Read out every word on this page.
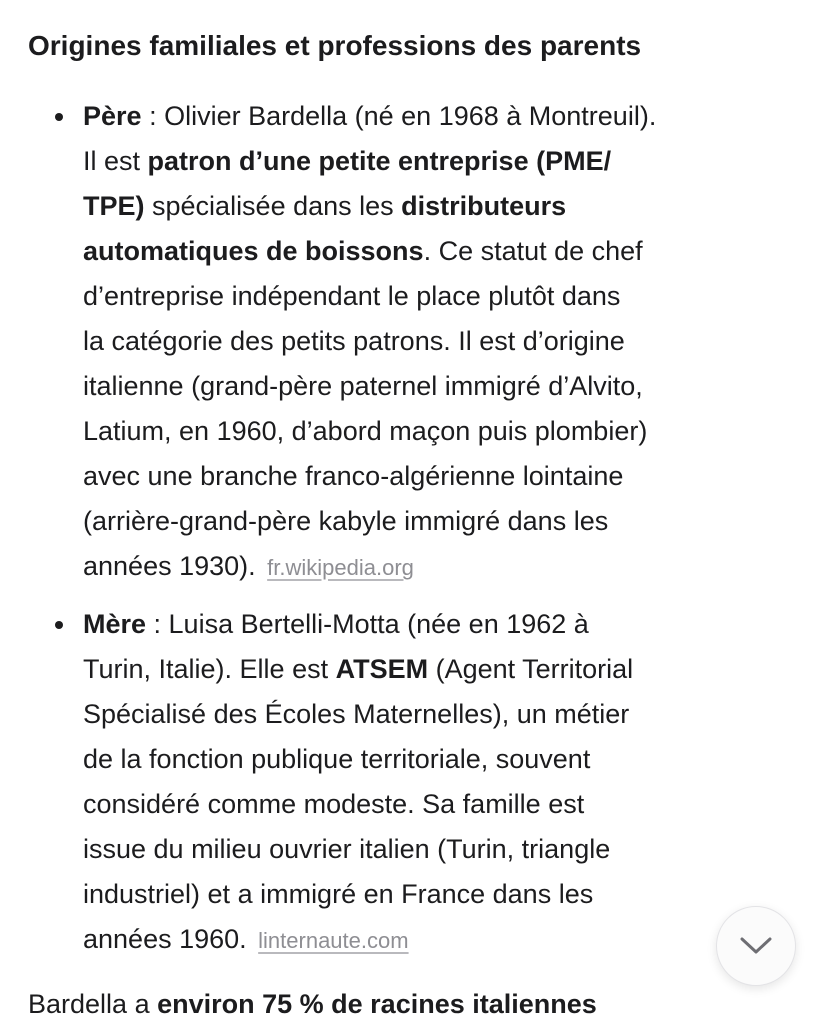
Origines familiales et professions des parents
Père : Olivier Bardella (né en 1968 à Montreuil).
Il est patron d’une petite entreprise (PME/
TPE) spécialisée dans les distributeurs
automatiques de boissons. Ce statut de chef
d’entreprise indépendant le place plutôt dans
la catégorie des petits patrons. Il est d’origine
italienne (grand-père paternel immigré d’Alvito,
Latium, en 1960, d’abord maçon puis plombier)
avec une branche franco-algérienne lointaine
(arrière-grand-père kabyle immigré dans les
années 1930). fr.wikipedia.org
Mère : Luisa Bertelli-Motta (née en 1962 à
Turin, Italie). Elle est ATSEM (Agent Territorial
Spécialisé des Écoles Maternelles), un métier
de la fonction publique territoriale, souvent
considéré comme modeste. Sa famille est
issue du milieu ouvrier italien (Turin, triangle
industriel) et a immigré en France dans les
années 1960. linternaute.com

Bardella a environ 75 % de racines italiennes
